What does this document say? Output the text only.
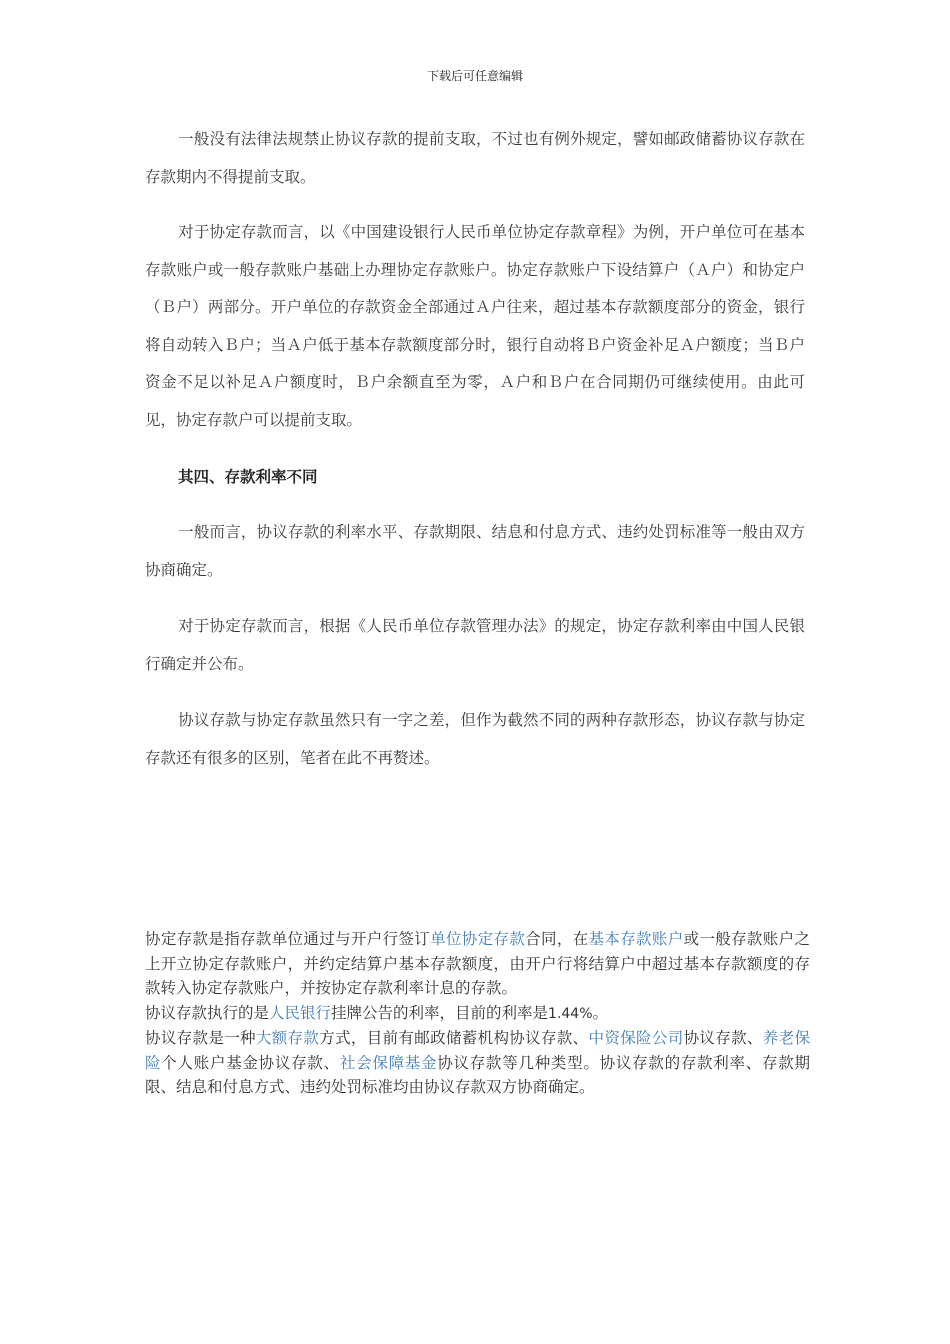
下载后可任意编辑

一般没有法律法规禁止协议存款的提前支取，不过也有例外规定，譬如邮政储蓄协议存款在存款期内不得提前支取。

对于协定存款而言，以《中国建设银行人民币单位协定存款章程》为例，开户单位可在基本存款账户或一般存款账户基础上办理协定存款账户。协定存款账户下设结算户（Ａ户）和协定户（Ｂ户）两部分。开户单位的存款资金全部通过Ａ户往来，超过基本存款额度部分的资金，银行将自动转入Ｂ户；当Ａ户低于基本存款额度部分时，银行自动将Ｂ户资金补足Ａ户额度；当Ｂ户资金不足以补足Ａ户额度时，Ｂ户余额直至为零，Ａ户和Ｂ户在合同期仍可继续使用。由此可见，协定存款户可以提前支取。

其四、存款利率不同

一般而言，协议存款的利率水平、存款期限、结息和付息方式、违约处罚标准等一般由双方协商确定。

对于协定存款而言，根据《人民币单位存款管理办法》的规定，协定存款利率由中国人民银行确定并公布。

协议存款与协定存款虽然只有一字之差，但作为截然不同的两种存款形态，协议存款与协定存款还有很多的区别，笔者在此不再赘述。

协定存款是指存款单位通过与开户行签订单位协定存款合同，在基本存款账户或一般存款账户之上开立协定存款账户，并约定结算户基本存款额度，由开户行将结算户中超过基本存款额度的存款转入协定存款账户，并按协定存款利率计息的存款。

协议存款执行的是人民银行挂牌公告的利率，目前的利率是1.44%。

协议存款是一种大额存款方式，目前有邮政储蓄机构协议存款、中资保险公司协议存款、养老保险个人账户基金协议存款、社会保障基金协议存款等几种类型。协议存款的存款利率、存款期限、结息和付息方式、违约处罚标准均由协议存款双方协商确定。
